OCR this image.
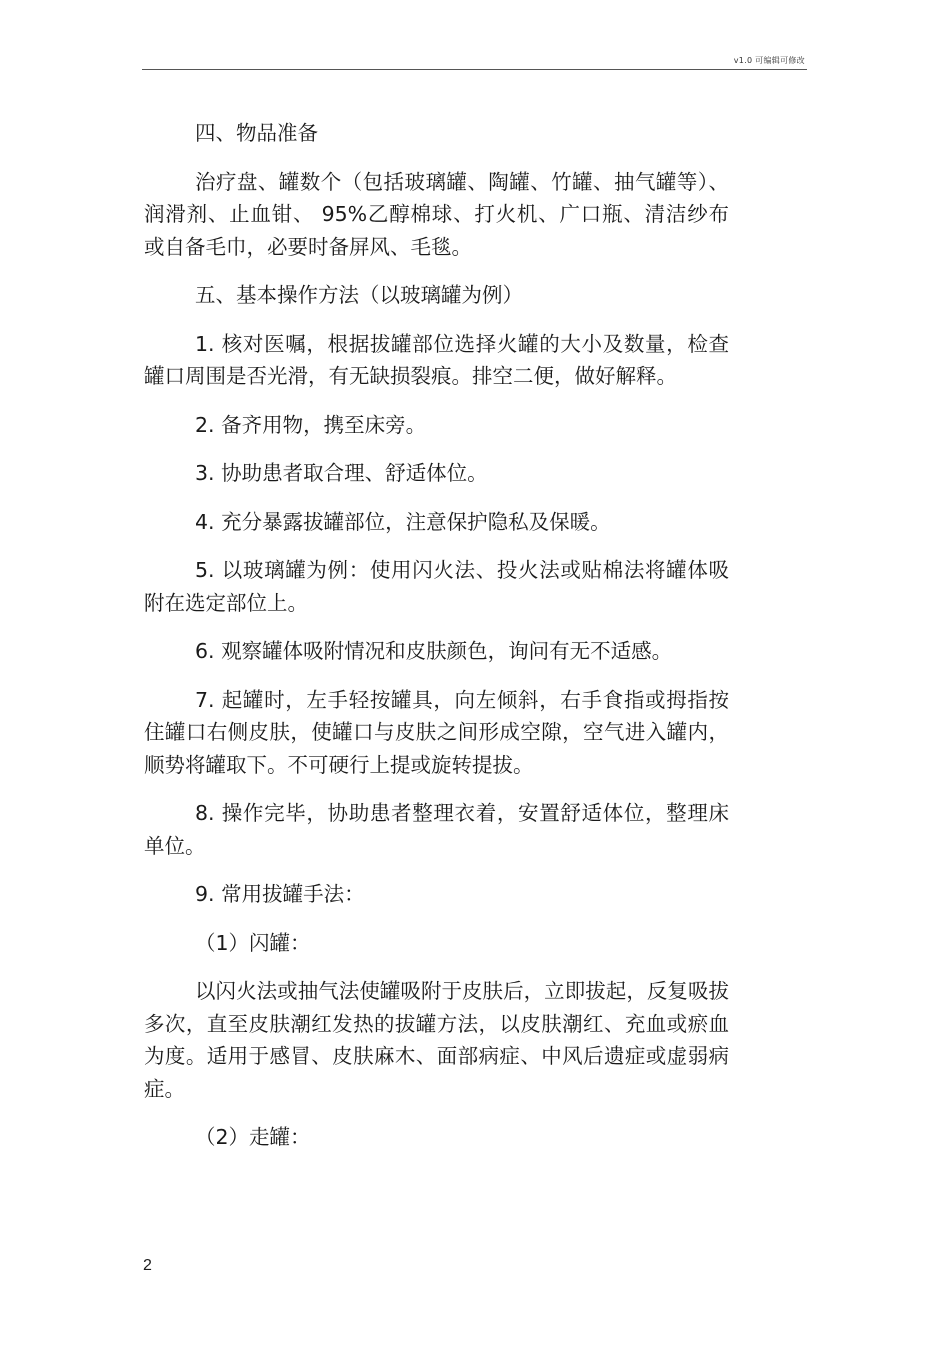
v1.0 可编辑可修改

四、物品准备

治疗盘、罐数个（包括玻璃罐、陶罐、竹罐、抽气罐等）、润滑剂、止血钳、 95%乙醇棉球、打火机、广口瓶、清洁纱布或自备毛巾，必要时备屏风、毛毯。

五、基本操作方法（以玻璃罐为例）

1. 核对医嘱，根据拔罐部位选择火罐的大小及数量，检查罐口周围是否光滑，有无缺损裂痕。排空二便，做好解释。

2. 备齐用物，携至床旁。

3. 协助患者取合理、舒适体位。

4. 充分暴露拔罐部位，注意保护隐私及保暖。

5. 以玻璃罐为例：使用闪火法、投火法或贴棉法将罐体吸附在选定部位上。

6. 观察罐体吸附情况和皮肤颜色，询问有无不适感。

7. 起罐时，左手轻按罐具，向左倾斜，右手食指或拇指按住罐口右侧皮肤，使罐口与皮肤之间形成空隙，空气进入罐内，顺势将罐取下。不可硬行上提或旋转提拔。

8. 操作完毕，协助患者整理衣着，安置舒适体位，整理床单位。

9. 常用拔罐手法：

（1）闪罐：

以闪火法或抽气法使罐吸附于皮肤后，立即拔起，反复吸拔多次，直至皮肤潮红发热的拔罐方法，以皮肤潮红、充血或瘀血为度。适用于感冒、皮肤麻木、面部病症、中风后遗症或虚弱病症。

（2）走罐：

2
